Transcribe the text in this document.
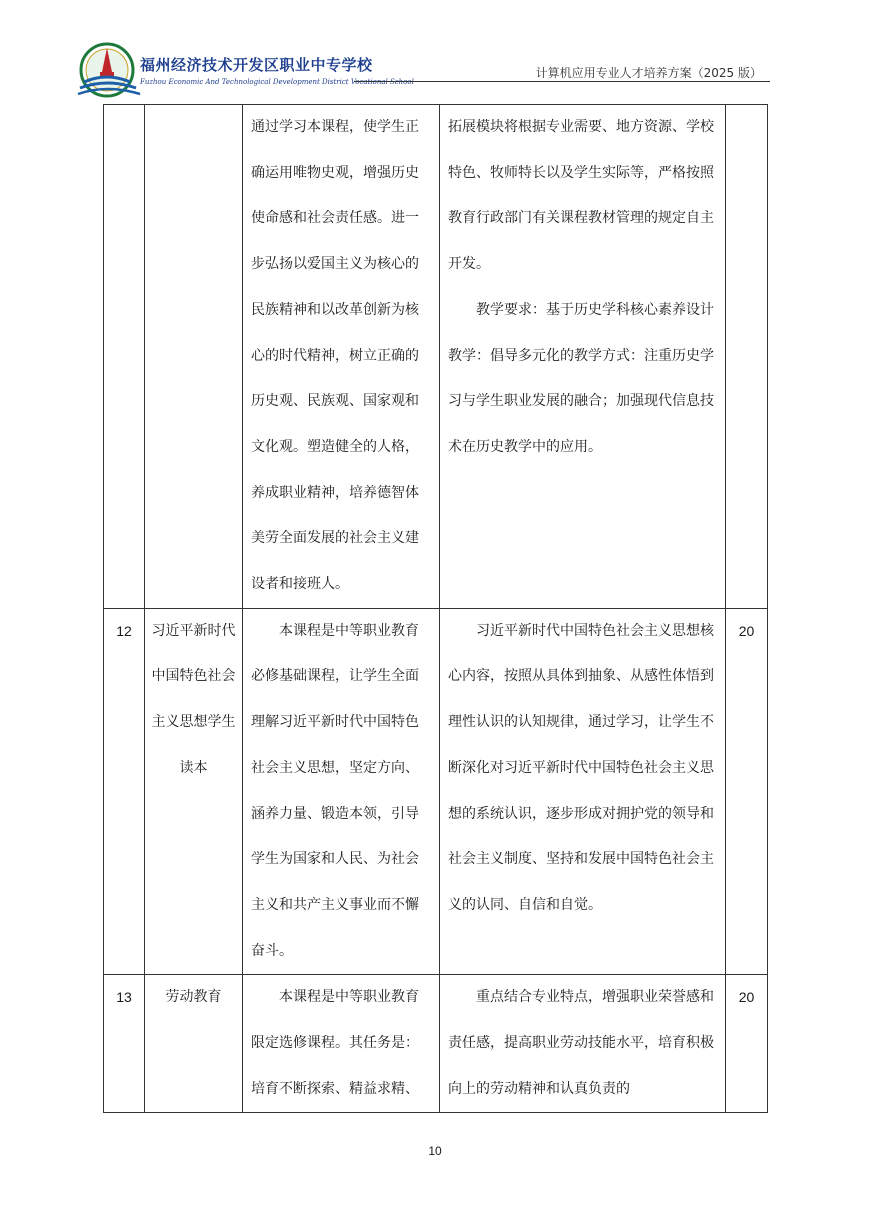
福州经济技术开发区职业中专学校
Fuzhou Economic And Technological Development District Vocational School
计算机应用专业人才培养方案（2025 版）

		通过学习本课程，使学生正确运用唯物史观，增强历史使命感和社会责任感。进一步弘扬以爱国主义为核心的民族精神和以改革创新为核心的时代精神，树立正确的历史观、民族观、国家观和文化观。塑造健全的人格，养成职业精神，培养德智体美劳全面发展的社会主义建设者和接班人。	拓展模块将根据专业需要、地方资源、学校特色、牧师特长以及学生实际等，严格按照教育行政部门有关课程教材管理的规定自主开发。
教学要求：基于历史学科核心素养设计教学：倡导多元化的教学方式：注重历史学习与学生职业发展的融合；加强现代信息技术在历史教学中的应用。	

12	习近平新时代中国特色社会主义思想学生读本	本课程是中等职业教育必修基础课程，让学生全面理解习近平新时代中国特色社会主义思想，坚定方向、涵养力量、锻造本领，引导学生为国家和人民、为社会主义和共产主义事业而不懈奋斗。	习近平新时代中国特色社会主义思想核心内容，按照从具体到抽象、从感性体悟到理性认识的认知规律，通过学习，让学生不断深化对习近平新时代中国特色社会主义思想的系统认识，逐步形成对拥护党的领导和社会主义制度、坚持和发展中国特色社会主义的认同、自信和自觉。	20
13	劳动教育	本课程是中等职业教育限定选修课程。其任务是：培育不断探索、精益求精、	重点结合专业特点，增强职业荣誉感和责任感，提高职业劳动技能水平，培育积极向上的劳动精神和认真负责的	20
10
